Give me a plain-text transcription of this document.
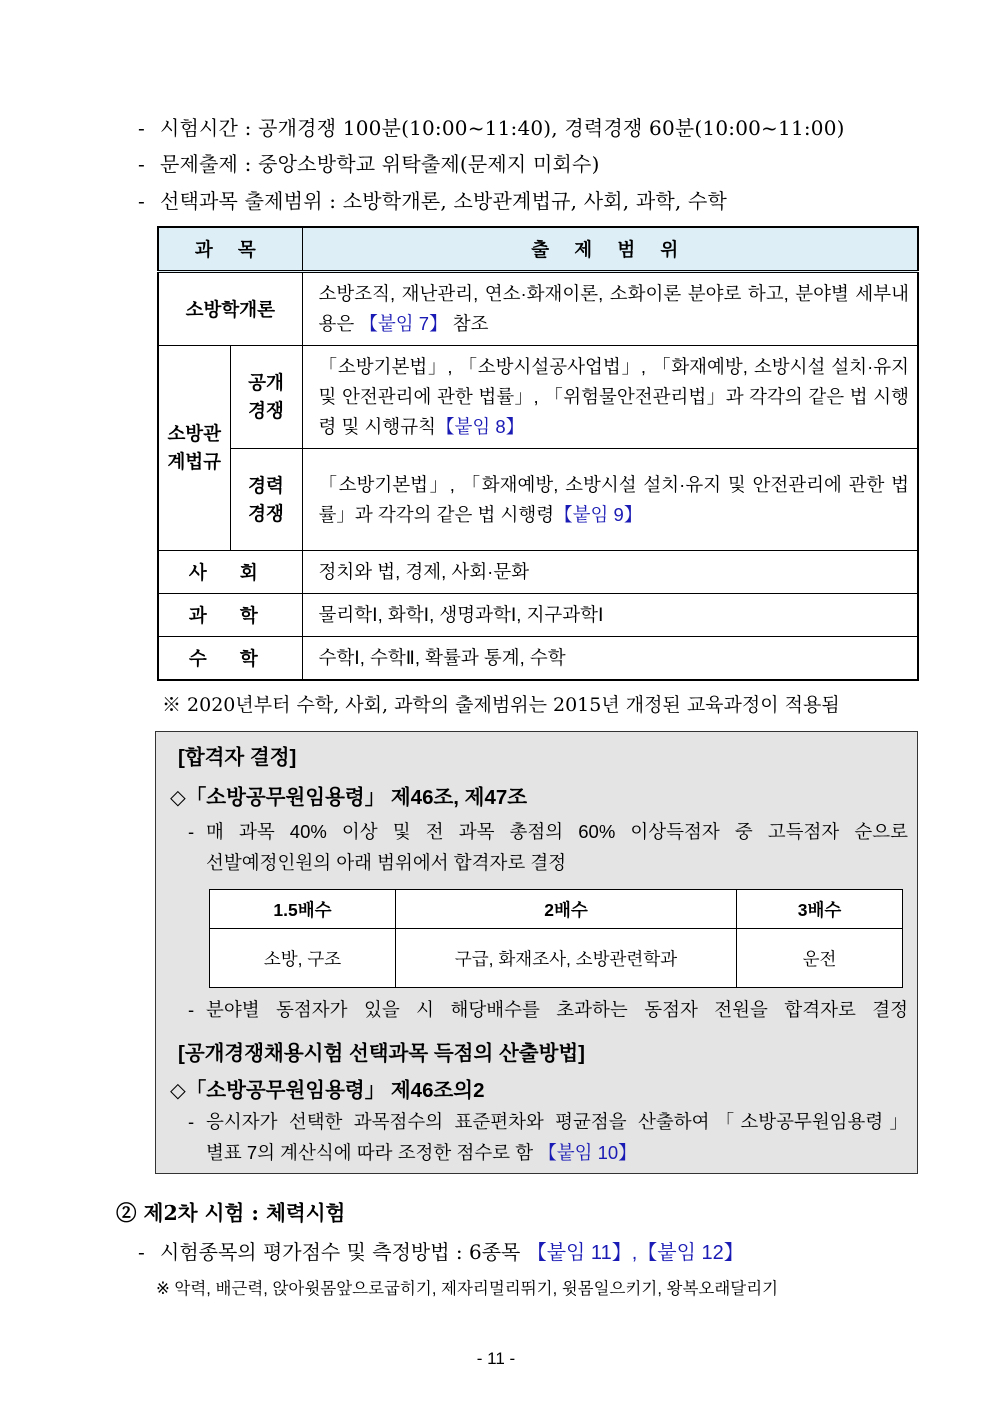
- 시험시간 : 공개경쟁 100분(10:00~11:40), 경력경쟁 60분(10:00~11:00)
- 문제출제 : 중앙소방학교 위탁출제(문제지 미회수)
- 선택과목 출제범위 : 소방학개론, 소방관계법규, 사회, 과학, 수학
과 목		출 제 범 위
소방학개론		소방조직, 재난관리, 연소·화재이론, 소화이론 분야로 하고, 분야별 세부내용은 【붙임 7】 참조
소방관계법규	공개경쟁	「소방기본법」, 「소방시설공사업법」, 「화재예방, 소방시설 설치·유지 및 안전관리에 관한 법률」, 「위험물안전관리법」과 각각의 같은 법 시행령 및 시행규칙【붙임 8】
	경력경쟁	「소방기본법」, 「화재예방, 소방시설 설치·유지 및 안전관리에 관한 법률」과 각각의 같은 법 시행령【붙임 9】
사 회		정치와 법, 경제, 사회·문화
과 학		물리학Ⅰ, 화학Ⅰ, 생명과학Ⅰ, 지구과학Ⅰ
수 학		수학Ⅰ, 수학Ⅱ, 확률과 통계, 수학
※ 2020년부터 수학, 사회, 과학의 출제범위는 2015년 개정된 교육과정이 적용됨
[합격자 결정]
◇「소방공무원임용령」 제46조, 제47조
- 매 과목 40% 이상 및 전 과목 총점의 60% 이상득점자 중 고득점자 순으로
선발예정인원의 아래 범위에서 합격자로 결정
1.5배수	2배수	3배수
소방, 구조	구급, 화재조사, 소방관련학과	운전
- 분야별 동점자가 있을 시 해당배수를 초과하는 동점자 전원을 합격자로 결정
[공개경쟁채용시험 선택과목 득점의 산출방법]
◇「소방공무원임용령」 제46조의2
- 응시자가 선택한 과목점수의 표준편차와 평균점을 산출하여「소방공무원임용령」
별표 7의 계산식에 따라 조정한 점수로 함 【붙임 10】
② 제2차 시험 : 체력시험
- 시험종목의 평가점수 및 측정방법 : 6종목 【붙임 11】,【붙임 12】
※ 악력, 배근력, 앉아윗몸앞으로굽히기, 제자리멀리뛰기, 윗몸일으키기, 왕복오래달리기
- 11 -
